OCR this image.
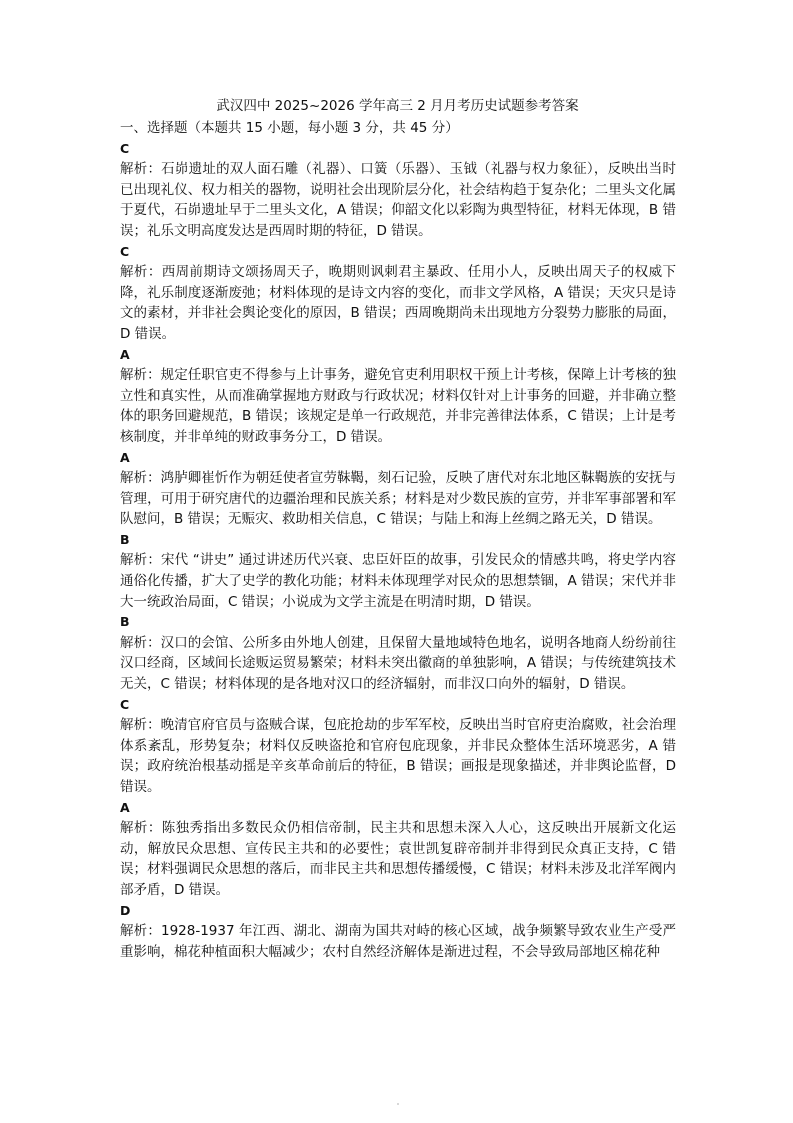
武汉四中 2025~2026 学年高三 2 月月考历史试题参考答案
一、选择题（本题共 15 小题，每小题 3 分，共 45 分）
C

解析：石峁遗址的双人面石雕（礼器）、口簧（乐器）、玉钺（礼器与权力象征），反映出当时已出现礼仪、权力相关的器物，说明社会出现阶层分化，社会结构趋于复杂化；二里头文化属于夏代，石峁遗址早于二里头文化，A 错误；仰韶文化以彩陶为典型特征，材料无体现，B 错误；礼乐文明高度发达是西周时期的特征，D 错误。

C

解析：西周前期诗文颂扬周天子，晚期则讽刺君主暴政、任用小人，反映出周天子的权威下降，礼乐制度逐渐废弛；材料体现的是诗文内容的变化，而非文学风格，A 错误；天灾只是诗文的素材，并非社会舆论变化的原因，B 错误；西周晚期尚未出现地方分裂势力膨胀的局面，D 错误。

A

解析：规定任职官吏不得参与上计事务，避免官吏利用职权干预上计考核，保障上计考核的独立性和真实性，从而准确掌握地方财政与行政状况；材料仅针对上计事务的回避，并非确立整体的职务回避规范，B 错误；该规定是单一行政规范，并非完善律法体系，C 错误；上计是考核制度，并非单纯的财政事务分工，D 错误。

A

解析：鸿胪卿崔忻作为朝廷使者宣劳靺鞨，刻石记验，反映了唐代对东北地区靺鞨族的安抚与管理，可用于研究唐代的边疆治理和民族关系；材料是对少数民族的宣劳，并非军事部署和军队慰问，B 错误；无赈灾、救助相关信息，C 错误；与陆上和海上丝绸之路无关，D 错误。

B

解析：宋代 “讲史” 通过讲述历代兴衰、忠臣奸臣的故事，引发民众的情感共鸣，将史学内容通俗化传播，扩大了史学的教化功能；材料未体现理学对民众的思想禁锢，A 错误；宋代并非大一统政治局面，C 错误；小说成为文学主流是在明清时期，D 错误。

B

解析：汉口的会馆、公所多由外地人创建，且保留大量地域特色地名，说明各地商人纷纷前往汉口经商，区域间长途贩运贸易繁荣；材料未突出徽商的单独影响，A 错误；与传统建筑技术无关，C 错误；材料体现的是各地对汉口的经济辐射，而非汉口向外的辐射，D 错误。

C

解析：晚清官府官员与盗贼合谋，包庇抢劫的步军军校，反映出当时官府吏治腐败，社会治理体系紊乱，形势复杂；材料仅反映盗抢和官府包庇现象，并非民众整体生活环境恶劣，A 错误；政府统治根基动摇是辛亥革命前后的特征，B 错误；画报是现象描述，并非舆论监督，D 错误。

A

解析：陈独秀指出多数民众仍相信帝制，民主共和思想未深入人心，这反映出开展新文化运动，解放民众思想、宣传民主共和的必要性；袁世凯复辟帝制并非得到民众真正支持，C 错误；材料强调民众思想的落后，而非民主共和思想传播缓慢，C 错误；材料未涉及北洋军阀内部矛盾，D 错误。

D

解析：1928-1937 年江西、湖北、湖南为国共对峙的核心区域，战争频繁导致农业生产受严重影响，棉花种植面积大幅减少；农村自然经济解体是渐进过程，不会导致局部地区棉花种
